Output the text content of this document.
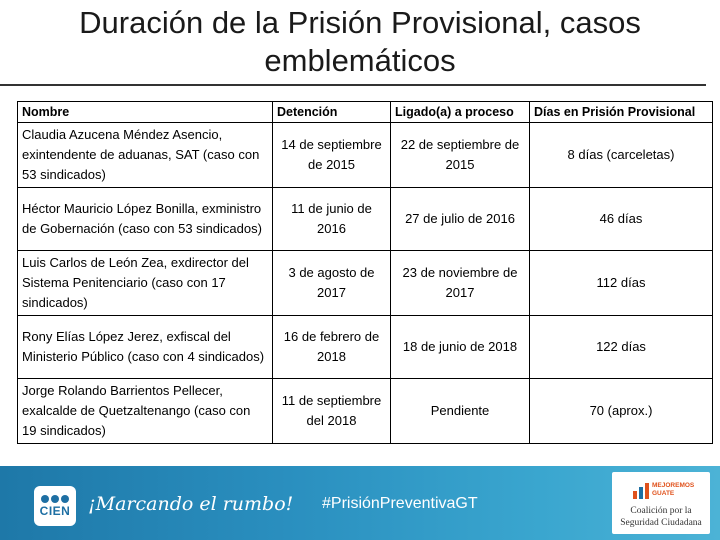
Duración de la Prisión Provisional, casos
emblemáticos
Nombre	Detención	Ligado(a) a proceso	Días en Prisión Provisional
Claudia Azucena Méndez Asencio, exintendente de aduanas, SAT (caso con 53 sindicados)	14 de septiembre de 2015	22 de septiembre de 2015	8 días (carceletas)
Héctor Mauricio López Bonilla, exministro de Gobernación (caso con 53 sindicados)	11 de junio de 2016	27 de julio de 2016	46 días
Luis Carlos de León Zea, exdirector del Sistema Penitenciario (caso con 17 sindicados)	3 de agosto de 2017	23 de noviembre de 2017	112 días
Rony Elías López Jerez, exfiscal del Ministerio Público (caso con 4 sindicados)	16 de febrero de 2018	18 de junio de 2018	122 días
Jorge Rolando Barrientos Pellecer, exalcalde de Quetzaltenango (caso con 19 sindicados)	11 de septiembre del 2018	Pendiente	70 (aprox.)
CIEN ¡Marcando el rumbo! #PrisiónPreventivaGT
MEJOREMOS
GUATE
Coalición por la
Seguridad Ciudadana
